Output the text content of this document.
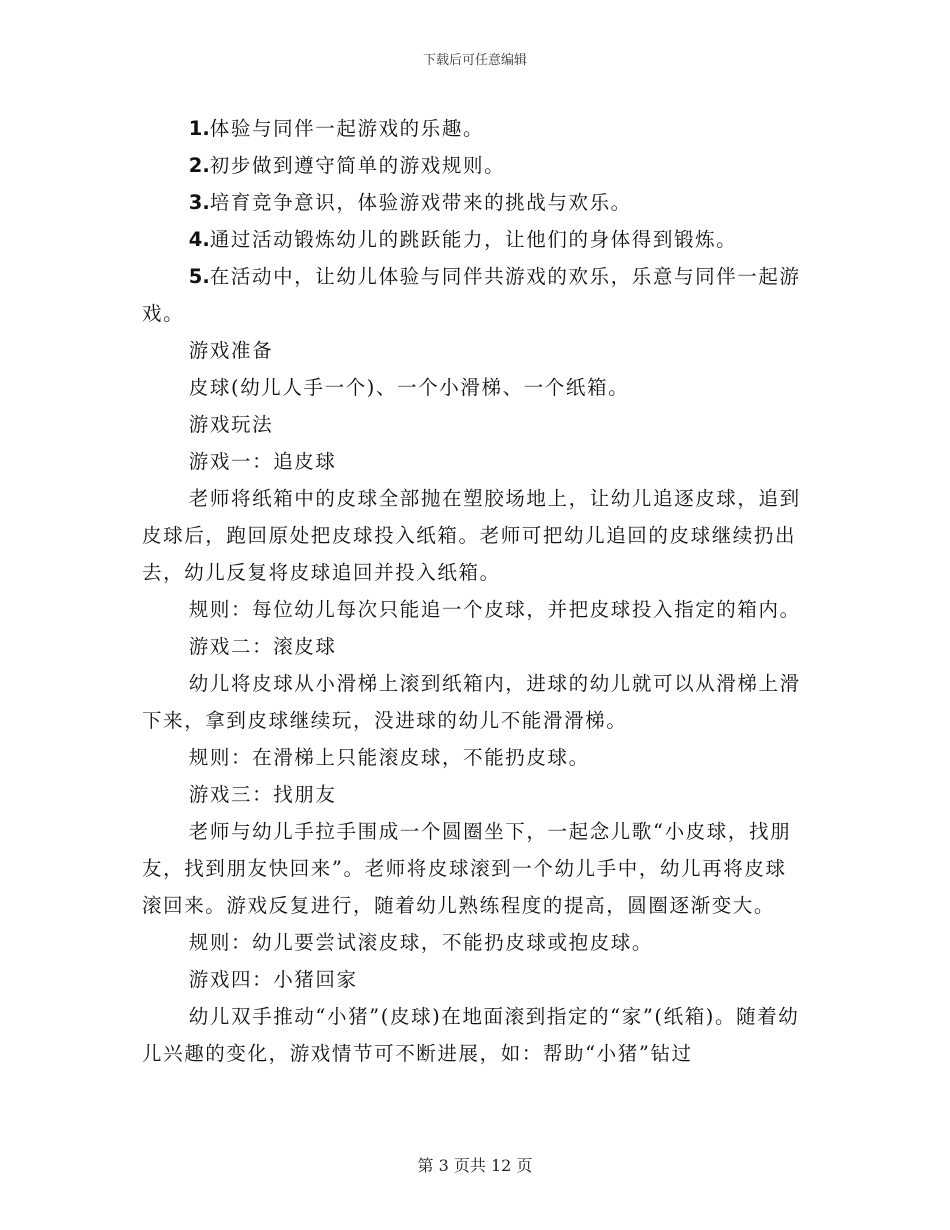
下载后可任意编辑

1.体验与同伴一起游戏的乐趣。

2.初步做到遵守简单的游戏规则。

3.培育竞争意识，体验游戏带来的挑战与欢乐。

4.通过活动锻炼幼儿的跳跃能力，让他们的身体得到锻炼。

5.在活动中，让幼儿体验与同伴共游戏的欢乐，乐意与同伴一起游戏。

游戏准备

皮球(幼儿人手一个)、一个小滑梯、一个纸箱。

游戏玩法

游戏一：追皮球

老师将纸箱中的皮球全部抛在塑胶场地上，让幼儿追逐皮球，追到皮球后，跑回原处把皮球投入纸箱。老师可把幼儿追回的皮球继续扔出去，幼儿反复将皮球追回并投入纸箱。

规则：每位幼儿每次只能追一个皮球，并把皮球投入指定的箱内。

游戏二：滚皮球

幼儿将皮球从小滑梯上滚到纸箱内，进球的幼儿就可以从滑梯上滑下来，拿到皮球继续玩，没进球的幼儿不能滑滑梯。

规则：在滑梯上只能滚皮球，不能扔皮球。

游戏三：找朋友

老师与幼儿手拉手围成一个圆圈坐下，一起念儿歌“小皮球，找朋友，找到朋友快回来”。老师将皮球滚到一个幼儿手中，幼儿再将皮球滚回来。游戏反复进行，随着幼儿熟练程度的提高，圆圈逐渐变大。

规则：幼儿要尝试滚皮球，不能扔皮球或抱皮球。

游戏四：小猪回家

幼儿双手推动“小猪”(皮球)在地面滚到指定的“家”(纸箱)。随着幼儿兴趣的变化，游戏情节可不断进展，如：帮助“小猪”钻过

第 3 页共 12 页
